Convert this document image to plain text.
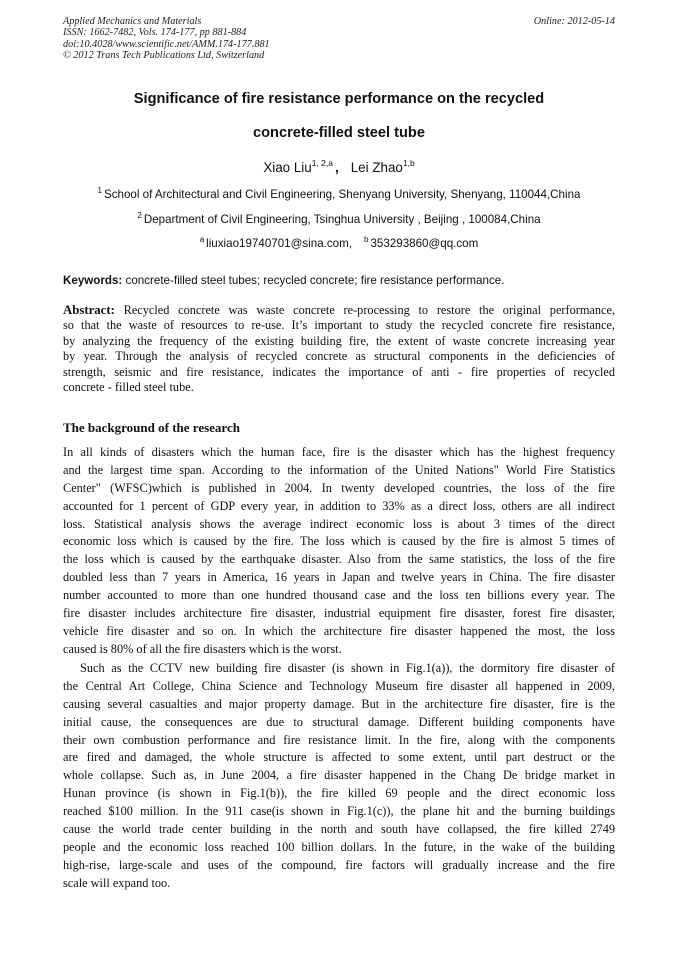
Applied Mechanics and Materials
ISSN: 1662-7482, Vols. 174-177, pp 881-884
doi:10.4028/www.scientific.net/AMM.174-177.881
© 2012 Trans Tech Publications Ltd, Switzerland
Online: 2012-05-14
Significance of fire resistance performance on the recycled
concrete-filled steel tube
Xiao Liu$^{1, 2,a}$ , Lei Zhao$^{1,b}$
$^1$ School of Architectural and Civil Engineering, Shenyang University, Shenyang, 110044,China
$^2$ Department of Civil Engineering, Tsinghua University , Beijing , 100084,China
$^a$ liuxiao19740701@sina.com, $^b$ 353293860@qq.com
Keywords: concrete-filled steel tubes; recycled concrete; fire resistance performance.
Abstract: Recycled concrete was waste concrete re-processing to restore the original performance,
so that the waste of resources to re-use. It’s important to study the recycled concrete fire resistance,
by analyzing the frequency of the existing building fire, the extent of waste concrete increasing year
by year. Through the analysis of recycled concrete as structural components in the deficiencies of
strength, seismic and fire resistance, indicates the importance of anti - fire properties of recycled
concrete - filled steel tube.
The background of the research
In all kinds of disasters which the human face, fire is the disaster which has the highest frequency
and the largest time span. According to the information of the United Nations" World Fire Statistics
Center" (WFSC)which is published in 2004. In twenty developed countries, the loss of the fire
accounted for 1 percent of GDP every year, in addition to 33% as a direct loss, others are all indirect
loss. Statistical analysis shows the average indirect economic loss is about 3 times of the direct
economic loss which is caused by the fire. The loss which is caused by the fire is almost 5 times of
the loss which is caused by the earthquake disaster. Also from the same statistics, the loss of the fire
doubled less than 7 years in America, 16 years in Japan and twelve years in China. The fire disaster
number accounted to more than one hundred thousand case and the loss ten billions every year. The
fire disaster includes architecture fire disaster, industrial equipment fire disaster, forest fire disaster,
vehicle fire disaster and so on. In which the architecture fire disaster happened the most, the loss
caused is 80% of all the fire disasters which is the worst.
Such as the CCTV new building fire disaster (is shown in Fig.1(a)), the dormitory fire disaster of
the Central Art College, China Science and Technology Museum fire disaster all happened in 2009,
causing several casualties and major property damage. But in the architecture fire disaster, fire is the
initial cause, the consequences are due to structural damage. Different building components have
their own combustion performance and fire resistance limit. In the fire, along with the components
are fired and damaged, the whole structure is affected to some extent, until part destruct or the
whole collapse. Such as, in June 2004, a fire disaster happened in the Chang De bridge market in
Hunan province (is shown in Fig.1(b)), the fire killed 69 people and the direct economic loss
reached $100 million. In the 911 case(is shown in Fig.1(c)), the plane hit and the burning buildings
cause the world trade center building in the north and south have collapsed, the fire killed 2749
people and the economic loss reached 100 billion dollars. In the future, in the wake of the building
high-rise, large-scale and uses of the compound, fire factors will gradually increase and the fire
scale will expand too.
